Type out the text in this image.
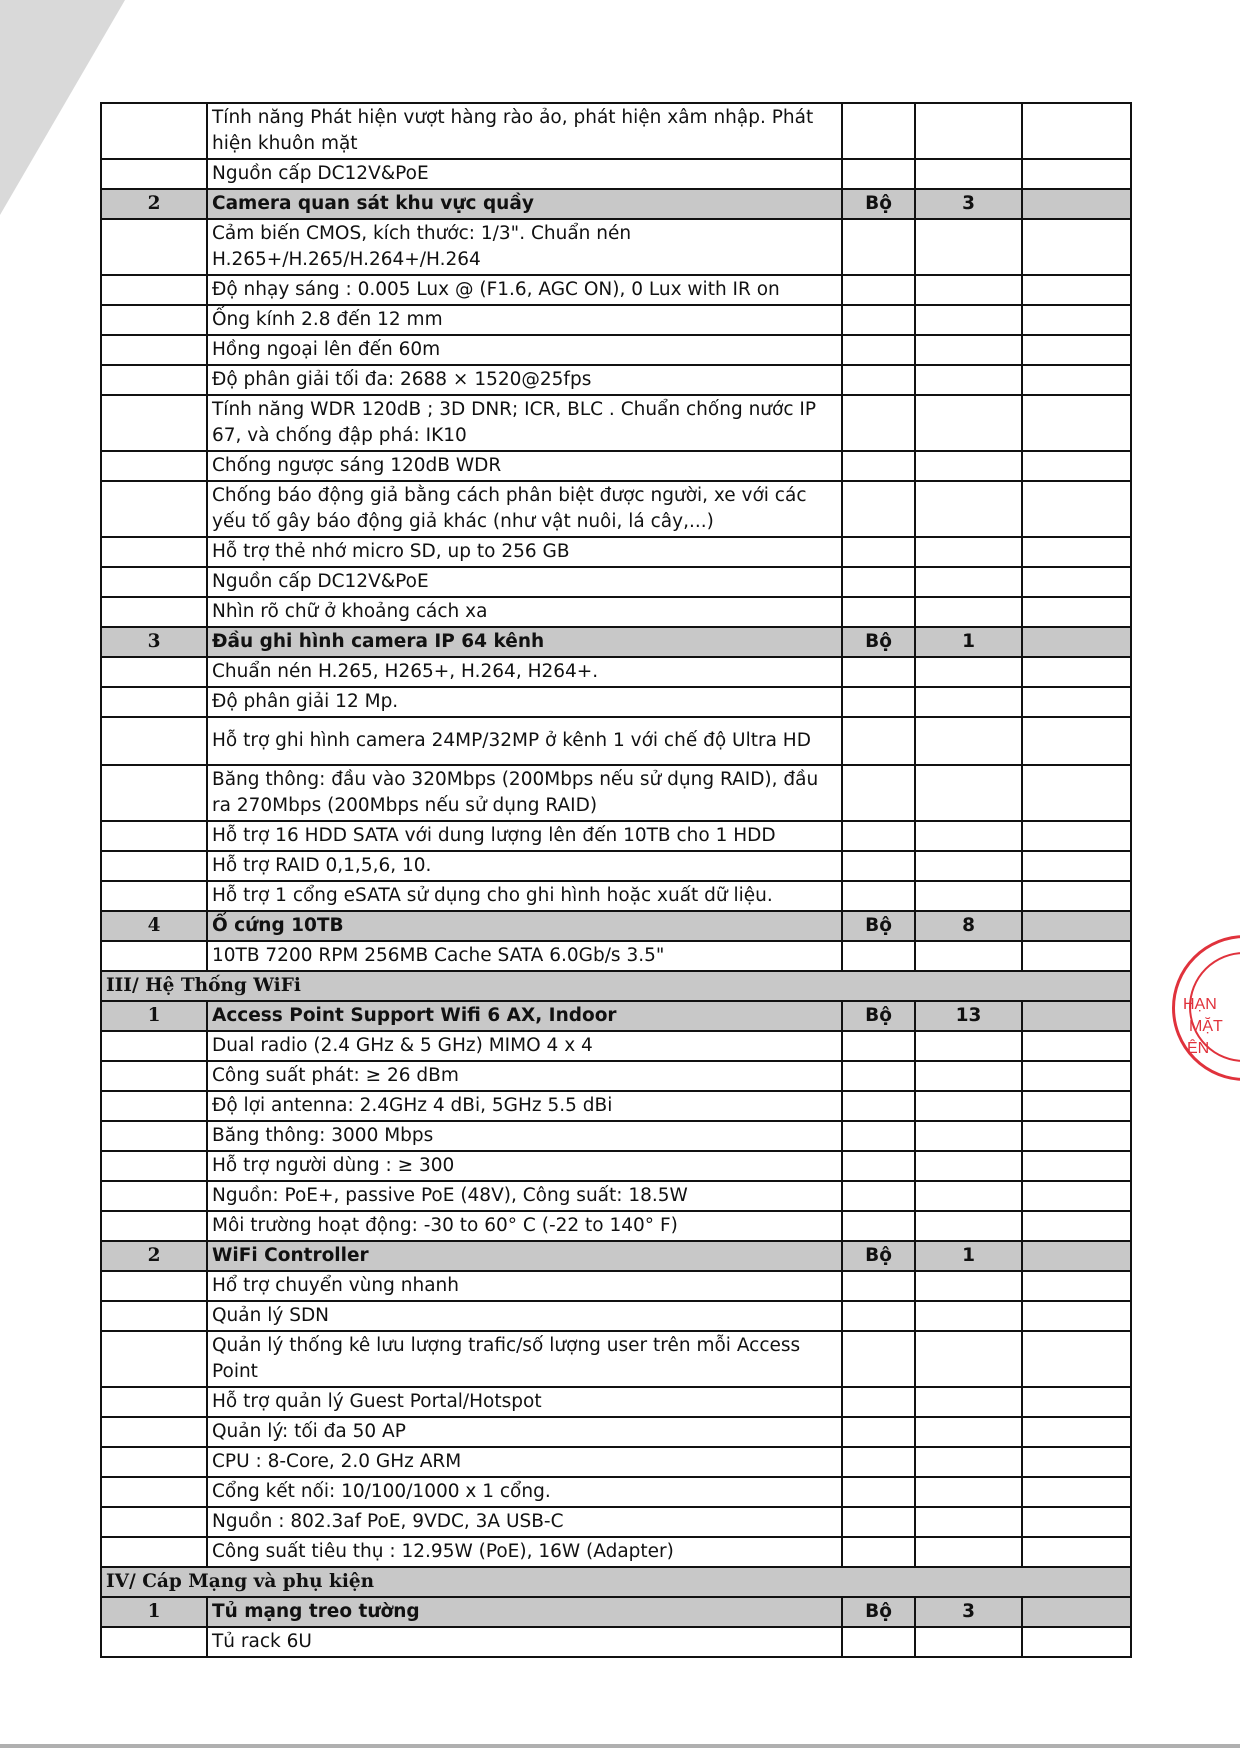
	Tính năng Phát hiện vượt hàng rào ảo, phát hiện xâm nhập. Phát hiện khuôn mặt			
	Nguồn cấp DC12V&PoE			
2	Camera quan sát khu vực quầy	Bộ	3	
	Cảm biến CMOS, kích thước: 1/3". Chuẩn nén H.265+/H.265/H.264+/H.264			
	Độ nhạy sáng : 0.005 Lux @ (F1.6, AGC ON), 0 Lux with IR on			
	Ống kính 2.8 đến 12 mm			
	Hồng ngoại lên đến 60m			
	Độ phân giải tối đa: 2688 × 1520@25fps			
	Tính năng WDR 120dB ; 3D DNR; ICR, BLC . Chuẩn chống nước IP 67, và chống đập phá: IK10			
	Chống ngược sáng 120dB WDR			
	Chống báo động giả bằng cách phân biệt được người, xe với các yếu tố gây báo động giả khác (như vật nuôi, lá cây,...)			
	Hỗ trợ thẻ nhớ micro SD, up to 256 GB			
	Nguồn cấp DC12V&PoE			
	Nhìn rõ chữ ở khoảng cách xa			
3	Đầu ghi hình camera IP 64 kênh	Bộ	1	
	Chuẩn nén H.265, H265+, H.264, H264+.			
	Độ phân giải 12 Mp.			
	Hỗ trợ ghi hình camera 24MP/32MP ở kênh 1 với chế độ Ultra HD			
	Băng thông: đầu vào 320Mbps (200Mbps nếu sử dụng RAID), đầu ra 270Mbps (200Mbps nếu sử dụng RAID)			
	Hỗ trợ 16 HDD SATA với dung lượng lên đến 10TB cho 1 HDD			
	Hỗ trợ RAID 0,1,5,6, 10.			
	Hỗ trợ 1 cổng eSATA sử dụng cho ghi hình hoặc xuất dữ liệu.			
4	Ổ cứng 10TB	Bộ	8	
	10TB 7200 RPM 256MB Cache SATA 6.0Gb/s 3.5"			
III/ Hệ Thống WiFi				
1	Access Point Support Wifi 6 AX, Indoor	Bộ	13	
	Dual radio (2.4 GHz & 5 GHz) MIMO 4 x 4			
	Công suất phát: ≥ 26 dBm			
	Độ lợi antenna: 2.4GHz 4 dBi, 5GHz 5.5 dBi			
	Băng thông: 3000 Mbps			
	Hỗ trợ người dùng : ≥ 300			
	Nguồn: PoE+, passive PoE (48V), Công suất: 18.5W			
	Môi trường hoạt động: -30 to 60° C (-22 to 140° F)			
2	WiFi Controller	Bộ	1	
	Hổ trợ chuyển vùng nhanh			
	Quản lý SDN			
	Quản lý thống kê lưu lượng trafic/số lượng user trên mỗi Access Point			
	Hỗ trợ quản lý Guest Portal/Hotspot			
	Quản lý: tối đa 50 AP			
	CPU : 8-Core, 2.0 GHz ARM			
	Cổng kết nối: 10/100/1000 x 1 cổng.			
	Nguồn : 802.3af PoE, 9VDC, 3A USB-C			
	Công suất tiêu thụ : 12.95W (PoE), 16W (Adapter)			
IV/ Cáp Mạng và phụ kiện				
1	Tủ mạng treo tường	Bộ	3	
	Tủ rack 6U			
HẠN
MẶT
ÊN
